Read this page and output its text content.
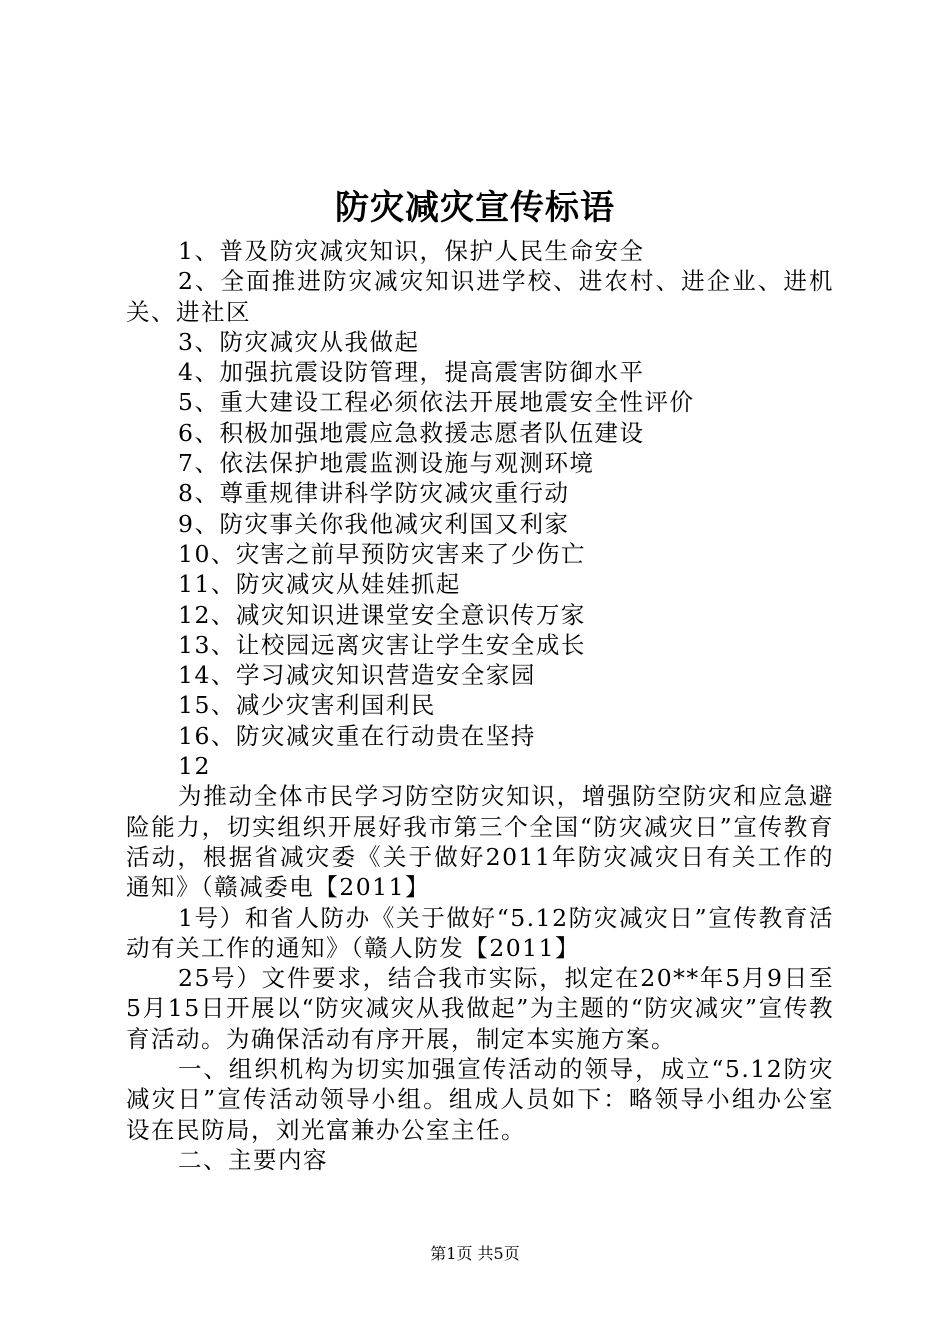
防灾减灾宣传标语

1、普及防灾减灾知识，保护人民生命安全

2、全面推进防灾减灾知识进学校、进农村、进企业、进机关、进社区

3、防灾减灾从我做起

4、加强抗震设防管理，提高震害防御水平

5、重大建设工程必须依法开展地震安全性评价

6、积极加强地震应急救援志愿者队伍建设

7、依法保护地震监测设施与观测环境

8、尊重规律讲科学防灾减灾重行动

9、防灾事关你我他减灾利国又利家

10、灾害之前早预防灾害来了少伤亡

11、防灾减灾从娃娃抓起

12、减灾知识进课堂安全意识传万家

13、让校园远离灾害让学生安全成长

14、学习减灾知识营造安全家园

15、减少灾害利国利民

16、防灾减灾重在行动贵在坚持

12

为推动全体市民学习防空防灾知识，增强防空防灾和应急避险能力，切实组织开展好我市第三个全国“防灾减灾日”宣传教育活动，根据省减灾委《关于做好2011年防灾减灾日有关工作的通知》（赣减委电【2011】

1号）和省人防办《关于做好“5.12防灾减灾日”宣传教育活动有关工作的通知》（赣人防发【2011】

25号）文件要求，结合我市实际，拟定在20**年5月9日至5月15日开展以“防灾减灾从我做起”为主题的“防灾减灾”宣传教育活动。为确保活动有序开展，制定本实施方案。

一、组织机构为切实加强宣传活动的领导，成立“5.12防灾减灾日”宣传活动领导小组。组成人员如下：略领导小组办公室设在民防局，刘光富兼办公室主任。

二、主要内容

第1页 共5页
